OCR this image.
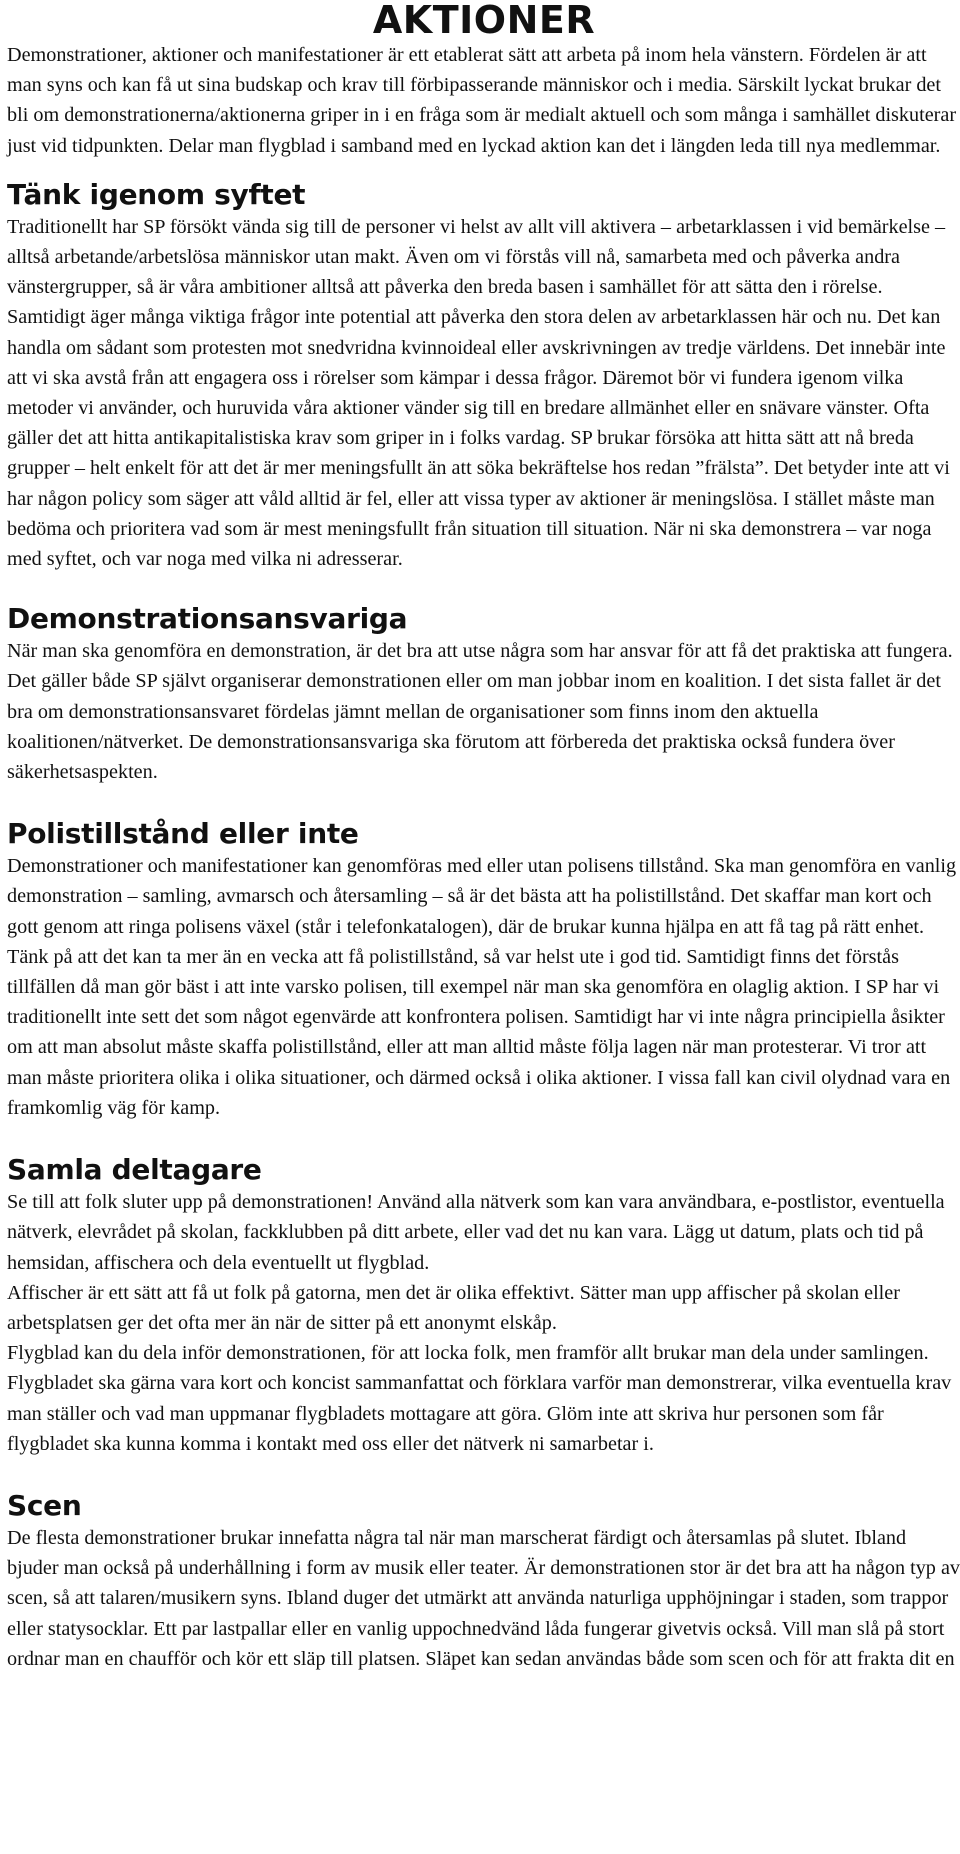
AKTIONER

Demonstrationer, aktioner och manifestationer är ett etablerat sätt att arbeta på inom hela vänstern. Fördelen är att man syns och kan få ut sina budskap och krav till förbipasserande människor och i media. Särskilt lyckat brukar det bli om demonstrationerna/aktionerna griper in i en fråga som är medialt aktuell och som många i samhället diskuterar just vid tidpunkten. Delar man flygblad i samband med en lyckad aktion kan det i längden leda till nya medlemmar.

Tänk igenom syftet

Traditionellt har SP försökt vända sig till de personer vi helst av allt vill aktivera – arbetarklassen i vid bemärkelse – alltså arbetande/arbetslösa människor utan makt. Även om vi förstås vill nå, samarbeta med och påverka andra vänstergrupper, så är våra ambitioner alltså att påverka den breda basen i samhället för att sätta den i rörelse. Samtidigt äger många viktiga frågor inte potential att påverka den stora delen av arbetarklassen här och nu. Det kan handla om sådant som protesten mot snedvridna kvinnoideal eller avskrivningen av tredje världens. Det innebär inte att vi ska avstå från att engagera oss i rörelser som kämpar i dessa frågor. Däremot bör vi fundera igenom vilka metoder vi använder, och huruvida våra aktioner vänder sig till en bredare allmänhet eller en snävare vänster. Ofta gäller det att hitta antikapitalistiska krav som griper in i folks vardag. SP brukar försöka att hitta sätt att nå breda grupper – helt enkelt för att det är mer meningsfullt än att söka bekräftelse hos redan ”frälsta”. Det betyder inte att vi har någon policy som säger att våld alltid är fel, eller att vissa typer av aktioner är meningslösa. I stället måste man bedöma och prioritera vad som är mest meningsfullt från situation till situation. När ni ska demonstrera – var noga med syftet, och var noga med vilka ni adresserar.

Demonstrationsansvariga

När man ska genomföra en demonstration, är det bra att utse några som har ansvar för att få det praktiska att fungera. Det gäller både SP självt organiserar demonstrationen eller om man jobbar inom en koalition. I det sista fallet är det bra om demonstrationsansvaret fördelas jämnt mellan de organisationer som finns inom den aktuella koalitionen/nätverket. De demonstrationsansvariga ska förutom att förbereda det praktiska också fundera över säkerhetsaspekten.

Polistillstånd eller inte

Demonstrationer och manifestationer kan genomföras med eller utan polisens tillstånd. Ska man genomföra en vanlig demonstration – samling, avmarsch och återsamling – så är det bästa att ha polistillstånd. Det skaffar man kort och gott genom att ringa polisens växel (står i telefonkatalogen), där de brukar kunna hjälpa en att få tag på rätt enhet. Tänk på att det kan ta mer än en vecka att få polistillstånd, så var helst ute i god tid. Samtidigt finns det förstås tillfällen då man gör bäst i att inte varsko polisen, till exempel när man ska genomföra en olaglig aktion. I SP har vi traditionellt inte sett det som något egenvärde att konfrontera polisen. Samtidigt har vi inte några principiella åsikter om att man absolut måste skaffa polistillstånd, eller att man alltid måste följa lagen när man protesterar. Vi tror att man måste prioritera olika i olika situationer, och därmed också i olika aktioner. I vissa fall kan civil olydnad vara en framkomlig väg för kamp.

Samla deltagare

Se till att folk sluter upp på demonstrationen! Använd alla nätverk som kan vara användbara, e-postlistor, eventuella nätverk, elevrådet på skolan, fackklubben på ditt arbete, eller vad det nu kan vara. Lägg ut datum, plats och tid på hemsidan, affischera och dela eventuellt ut flygblad.

Affischer är ett sätt att få ut folk på gatorna, men det är olika effektivt. Sätter man upp affischer på skolan eller arbetsplatsen ger det ofta mer än när de sitter på ett anonymt elskåp.

Flygblad kan du dela inför demonstrationen, för att locka folk, men framför allt brukar man dela under samlingen. Flygbladet ska gärna vara kort och koncist sammanfattat och förklara varför man demonstrerar, vilka eventuella krav man ställer och vad man uppmanar flygbladets mottagare att göra. Glöm inte att skriva hur personen som får flygbladet ska kunna komma i kontakt med oss eller det nätverk ni samarbetar i.

Scen

De flesta demonstrationer brukar innefatta några tal när man marscherat färdigt och återsamlas på slutet. Ibland bjuder man också på underhållning i form av musik eller teater. Är demonstrationen stor är det bra att ha någon typ av scen, så att talaren/musikern syns. Ibland duger det utmärkt att använda naturliga upphöjningar i staden, som trappor eller statysocklar. Ett par lastpallar eller en vanlig uppochnedvänd låda fungerar givetvis också. Vill man slå på stort ordnar man en chaufför och kör ett släp till platsen. Släpet kan sedan användas både som scen och för att frakta dit en
